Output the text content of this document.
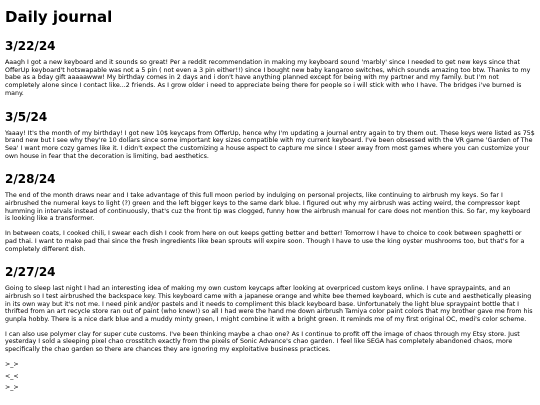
Daily journal
3/22/24

Aaagh I got a new keyboard and it sounds so great! Per a reddit recommendation in making my keyboard sound 'marbly' since I needed to get new keys since that OfferUp keyboard't hotswapable was not a 5 pin ( not even a 3 pin either!!) since I bought new baby kangaroo switches, which sounds amazing too btw. Thanks to my babe as a bday gift aaaaawww! My birthday comes in 2 days and i don't have anything planned except for being with my partner and my family. but I'm not completely alone since I contact like...2 friends. As I grow older i need to appreciate being there for people so i will stick with who I have. The bridges i've burned is many.

3/5/24

Yaaay! It's the month of my birthday! I got new 10$ keycaps from OfferUp, hence why I'm updating a journal entry again to try them out. These keys were listed as 75$ brand new but I see why they're 10 dollars since some important key sizes compatible with my current keyboard. I've been obsessed with the VR game 'Garden of The Sea' I want more cozy games like it. I didn't expect the customizing a house aspect to capture me since I steer away from most games where you can customize your own house in fear that the decoration is limiting, bad aesthetics.

2/28/24

The end of the month draws near and I take advantage of this full moon period by indulging on personal projects, like continuing to airbrush my keys. So far I airbrushed the numeral keys to light (?) green and the left bigger keys to the same dark blue. I figured out why my airbrush was acting weird, the compressor kept humming in intervals instead of continuously, that's cuz the front tip was clogged, funny how the airbrush manual for care does not mention this. So far, my keyboard is looking like a transformer.

In between coats, I cooked chili, I swear each dish I cook from here on out keeps getting better and better! Tomorrow I have to choice to cook between spaghetti or pad thai. I want to make pad thai since the fresh ingredients like bean sprouts will expire soon. Though I have to use the king oyster mushrooms too, but that's for a completely different dish.

2/27/24

Going to sleep last night I had an interesting idea of making my own custom keycaps after looking at overpriced custom keys online. I have spraypaints, and an airbrush so I test airbrushed the backspace key. This keyboard came with a japanese orange and white bee themed keyboard, which is cute and aesthetically pleasing in its own way but it's not me. I need pink and/or pastels and it needs to compliment this black keyboard base. Unfortunately the light blue spraypaint bottle that I thrifted from an art recycle store ran out of paint (who knew!) so all I had were the hand me down airbrush Tamiya color paint colors that my brother gave me from his gunpla hobby. There is a nice dark blue and a muddy minty green, I might combine it with a bright green. It reminds me of my first original OC, medi's color scheme.

I can also use polymer clay for super cute customs. I've been thinking maybe a chao one? As I continue to profit off the image of chaos through my Etsy store. Just yesterday I sold a sleeping pixel chao crosstitch exactly from the pixels of Sonic Advance's chao garden. I feel like SEGA has completely abandoned chaos, more specifically the chao garden so there are chances they are ignoring my exploitative business practices.

>_>

<_<

>_>
